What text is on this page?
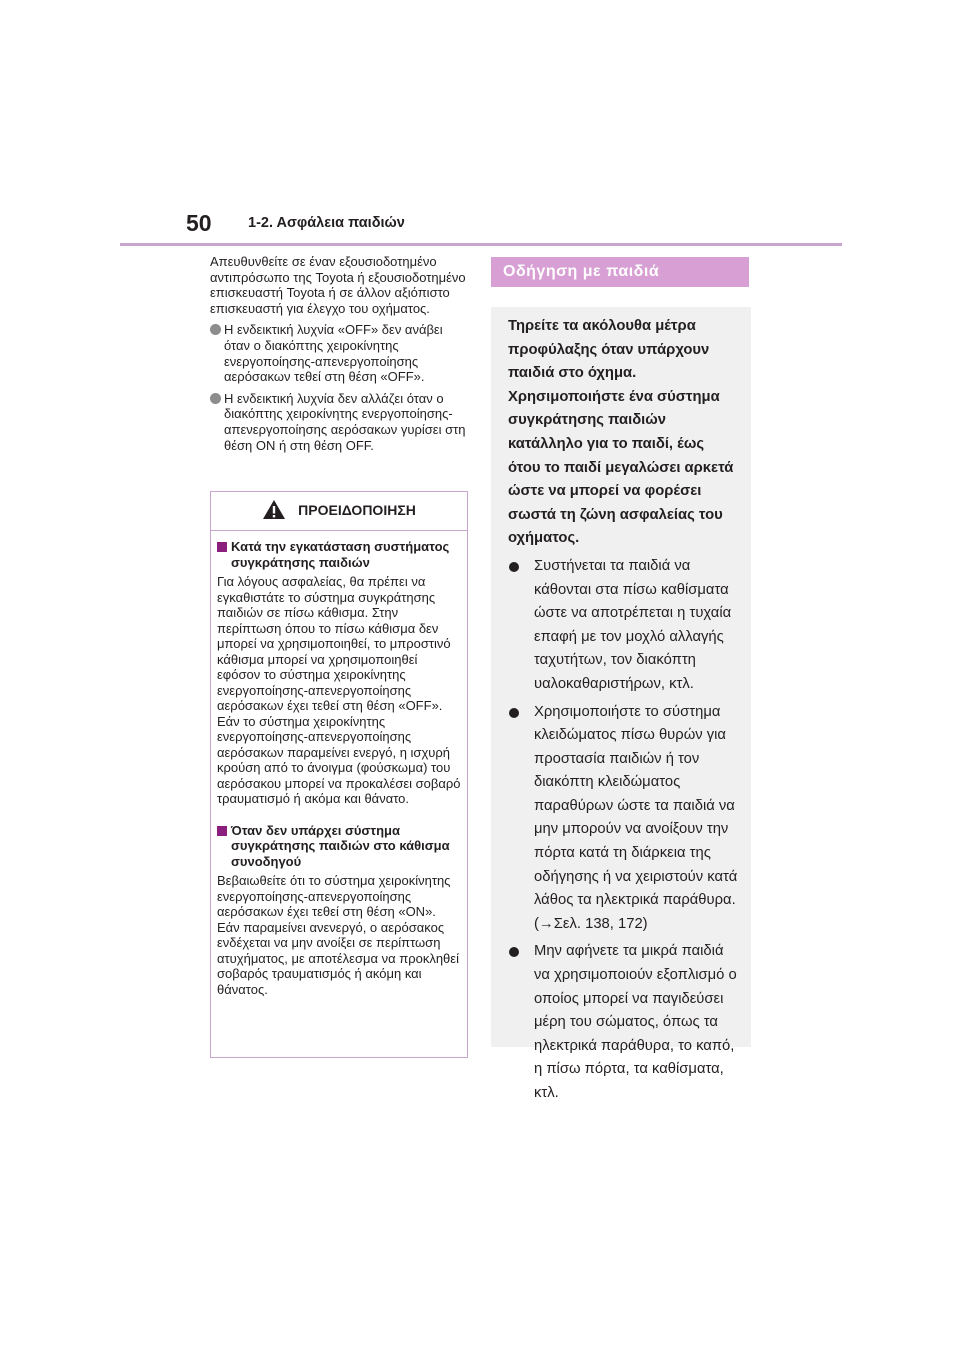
50	1-2. Ασφάλεια παιδιών

Απευθυνθείτε σε έναν εξουσιοδοτημένο αντιπρόσωπο της Toyota ή εξουσιοδοτημένο επισκευαστή Toyota ή σε άλλον αξιόπιστο επισκευαστή για έλεγχο του οχήματος.

Η ενδεικτική λυχνία «OFF» δεν ανάβει όταν ο διακόπτης χειροκίνητης ενεργοποίησης-απενεργοποίησης αερόσακων τεθεί στη θέση «OFF».
Η ενδεικτική λυχνία δεν αλλάζει όταν ο διακόπτης χειροκίνητης ενεργοποίησης-απενεργοποίησης αερόσακων γυρίσει στη θέση ON ή στη θέση OFF.
ΠΡΟΕΙΔΟΠΟΙΗΣΗ

Κατά την εγκατάσταση συστήματος συγκράτησης παιδιών

Για λόγους ασφαλείας, θα πρέπει να εγκαθιστάτε το σύστημα συγκράτησης παιδιών σε πίσω κάθισμα. Στην περίπτωση όπου το πίσω κάθισμα δεν μπορεί να χρησιμοποιηθεί, το μπροστινό κάθισμα μπορεί να χρησιμοποιηθεί εφόσον το σύστημα χειροκίνητης ενεργοποίησης-απενεργοποίησης αερόσακων έχει τεθεί στη θέση «OFF».

Εάν το σύστημα χειροκίνητης ενεργοποίησης-απενεργοποίησης αερόσακων παραμείνει ενεργό, η ισχυρή κρούση από το άνοιγμα (φούσκωμα) του αερόσακου μπορεί να προκαλέσει σοβαρό τραυματισμό ή ακόμα και θάνατο.

Όταν δεν υπάρχει σύστημα συγκράτησης παιδιών στο κάθισμα συνοδηγού

Βεβαιωθείτε ότι το σύστημα χειροκίνητης ενεργοποίησης-απενεργοποίησης αερόσακων έχει τεθεί στη θέση «ON».

Εάν παραμείνει ανενεργό, ο αερόσακος ενδέχεται να μην ανοίξει σε περίπτωση ατυχήματος, με αποτέλεσμα να προκληθεί σοβαρός τραυματισμός ή ακόμη και θάνατος.

Οδήγηση με παιδιά

Τηρείτε τα ακόλουθα μέτρα προφύλαξης όταν υπάρχουν παιδιά στο όχημα. Χρησιμοποιήστε ένα σύστημα συγκράτησης παιδιών κατάλληλο για το παιδί, έως ότου το παιδί μεγαλώσει αρκετά ώστε να μπορεί να φορέσει σωστά τη ζώνη ασφαλείας του οχήματος.

Συστήνεται τα παιδιά να κάθονται στα πίσω καθίσματα ώστε να αποτρέπεται η τυχαία επαφή με τον μοχλό αλλαγής ταχυτήτων, τον διακόπτη υαλοκαθαριστήρων, κτλ.
Χρησιμοποιήστε το σύστημα κλειδώματος πίσω θυρών για προστασία παιδιών ή τον διακόπτη κλειδώματος παραθύρων ώστε τα παιδιά να μην μπορούν να ανοίξουν την πόρτα κατά τη διάρκεια της οδήγησης ή να χειριστούν κατά λάθος τα ηλεκτρικά παράθυρα. (→Σελ. 138, 172)
Μην αφήνετε τα μικρά παιδιά να χρησιμοποιούν εξοπλισμό ο οποίος μπορεί να παγιδεύσει μέρη του σώματος, όπως τα ηλεκτρικά παράθυρα, το καπό, η πίσω πόρτα, τα καθίσματα, κτλ.
